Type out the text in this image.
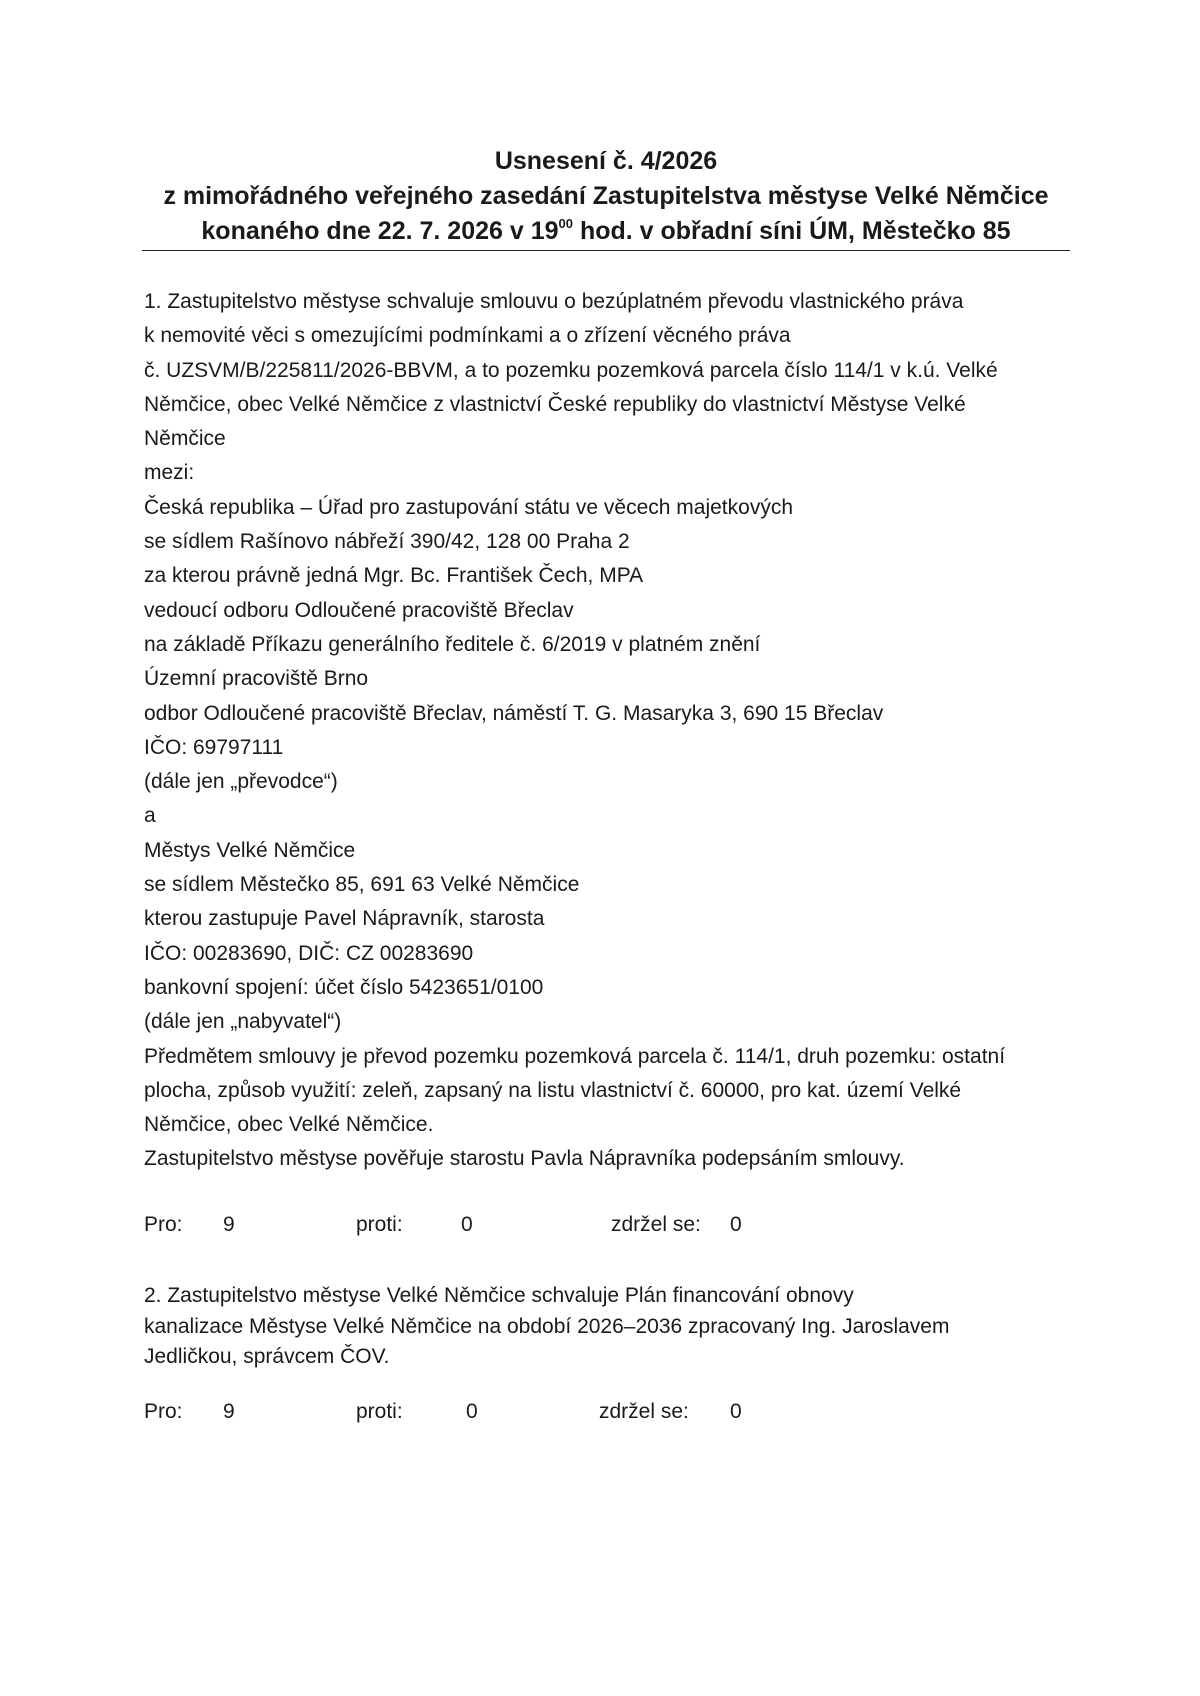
Usnesení č. 4/2026
z mimořádného veřejného zasedání Zastupitelstva městyse Velké Němčice
konaného dne 22. 7. 2026 v $19^{00}$ hod. v obřadní síni ÚM, Městečko 85
1. Zastupitelstvo městyse schvaluje smlouvu o bezúplatném převodu vlastnického práva
k nemovité věci s omezujícími podmínkami a o zřízení věcného práva
č. UZSVM/B/225811/2026-BBVM, a to pozemku pozemková parcela číslo 114/1 v k.ú. Velké
Němčice, obec Velké Němčice z vlastnictví České republiky do vlastnictví Městyse Velké
Němčice
mezi:
Česká republika – Úřad pro zastupování státu ve věcech majetkových
se sídlem Rašínovo nábřeží 390/42, 128 00 Praha 2
za kterou právně jedná Mgr. Bc. František Čech, MPA
vedoucí odboru Odloučené pracoviště Břeclav
na základě Příkazu generálního ředitele č. 6/2019 v platném znění
Územní pracoviště Brno
odbor Odloučené pracoviště Břeclav, náměstí T. G. Masaryka 3, 690 15 Břeclav
IČO: 69797111
(dále jen „převodce“)
a
Městys Velké Němčice
se sídlem Městečko 85, 691 63 Velké Němčice
kterou zastupuje Pavel Nápravník, starosta
IČO: 00283690, DIČ: CZ 00283690
bankovní spojení: účet číslo 5423651/0100
(dále jen „nabyvatel“)
Předmětem smlouvy je převod pozemku pozemková parcela č. 114/1, druh pozemku: ostatní
plocha, způsob využití: zeleň, zapsaný na listu vlastnictví č. 60000, pro kat. území Velké
Němčice, obec Velké Němčice.
Zastupitelstvo městyse pověřuje starostu Pavla Nápravníka podepsáním smlouvy.
Pro: 9	proti:	0	zdržel se: 0
2. Zastupitelstvo městyse Velké Němčice schvaluje Plán financování obnovy
kanalizace Městyse Velké Němčice na období 2026–2036 zpracovaný Ing. Jaroslavem
Jedličkou, správcem ČOV.
Pro: 9	proti:	0	zdržel se: 0
